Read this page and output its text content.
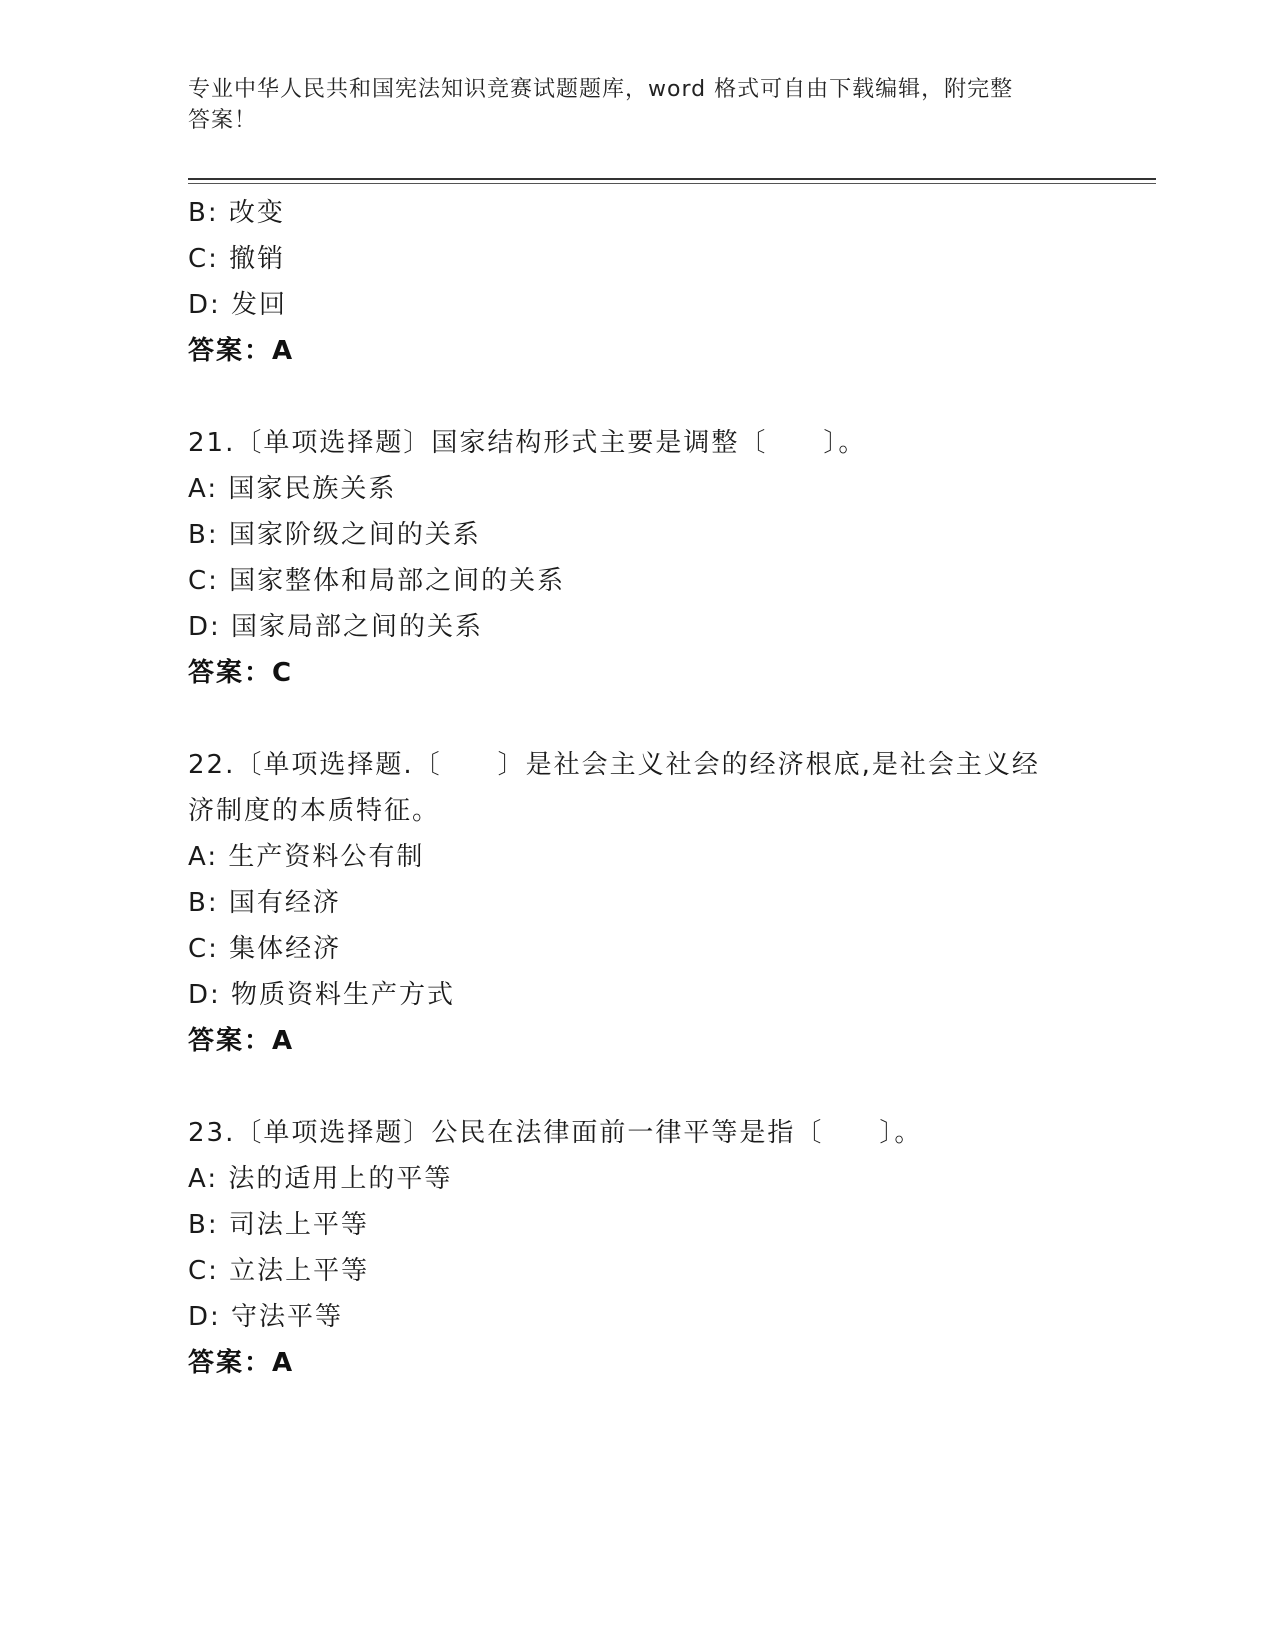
专业中华人民共和国宪法知识竞赛试题题库，word 格式可自由下载编辑，附完整
答案！
B: 改变
C: 撤销
D: 发回
答案：A
21.〔单项选择题〕国家结构形式主要是调整〔　　〕。
A: 国家民族关系
B: 国家阶级之间的关系
C: 国家整体和局部之间的关系
D: 国家局部之间的关系
答案：C
22.〔单项选择题.〔　　〕是社会主义社会的经济根底,是社会主义经
济制度的本质特征。
A: 生产资料公有制
B: 国有经济
C: 集体经济
D: 物质资料生产方式
答案：A
23.〔单项选择题〕公民在法律面前一律平等是指〔　　〕。
A: 法的适用上的平等
B: 司法上平等
C: 立法上平等
D: 守法平等
答案：A
